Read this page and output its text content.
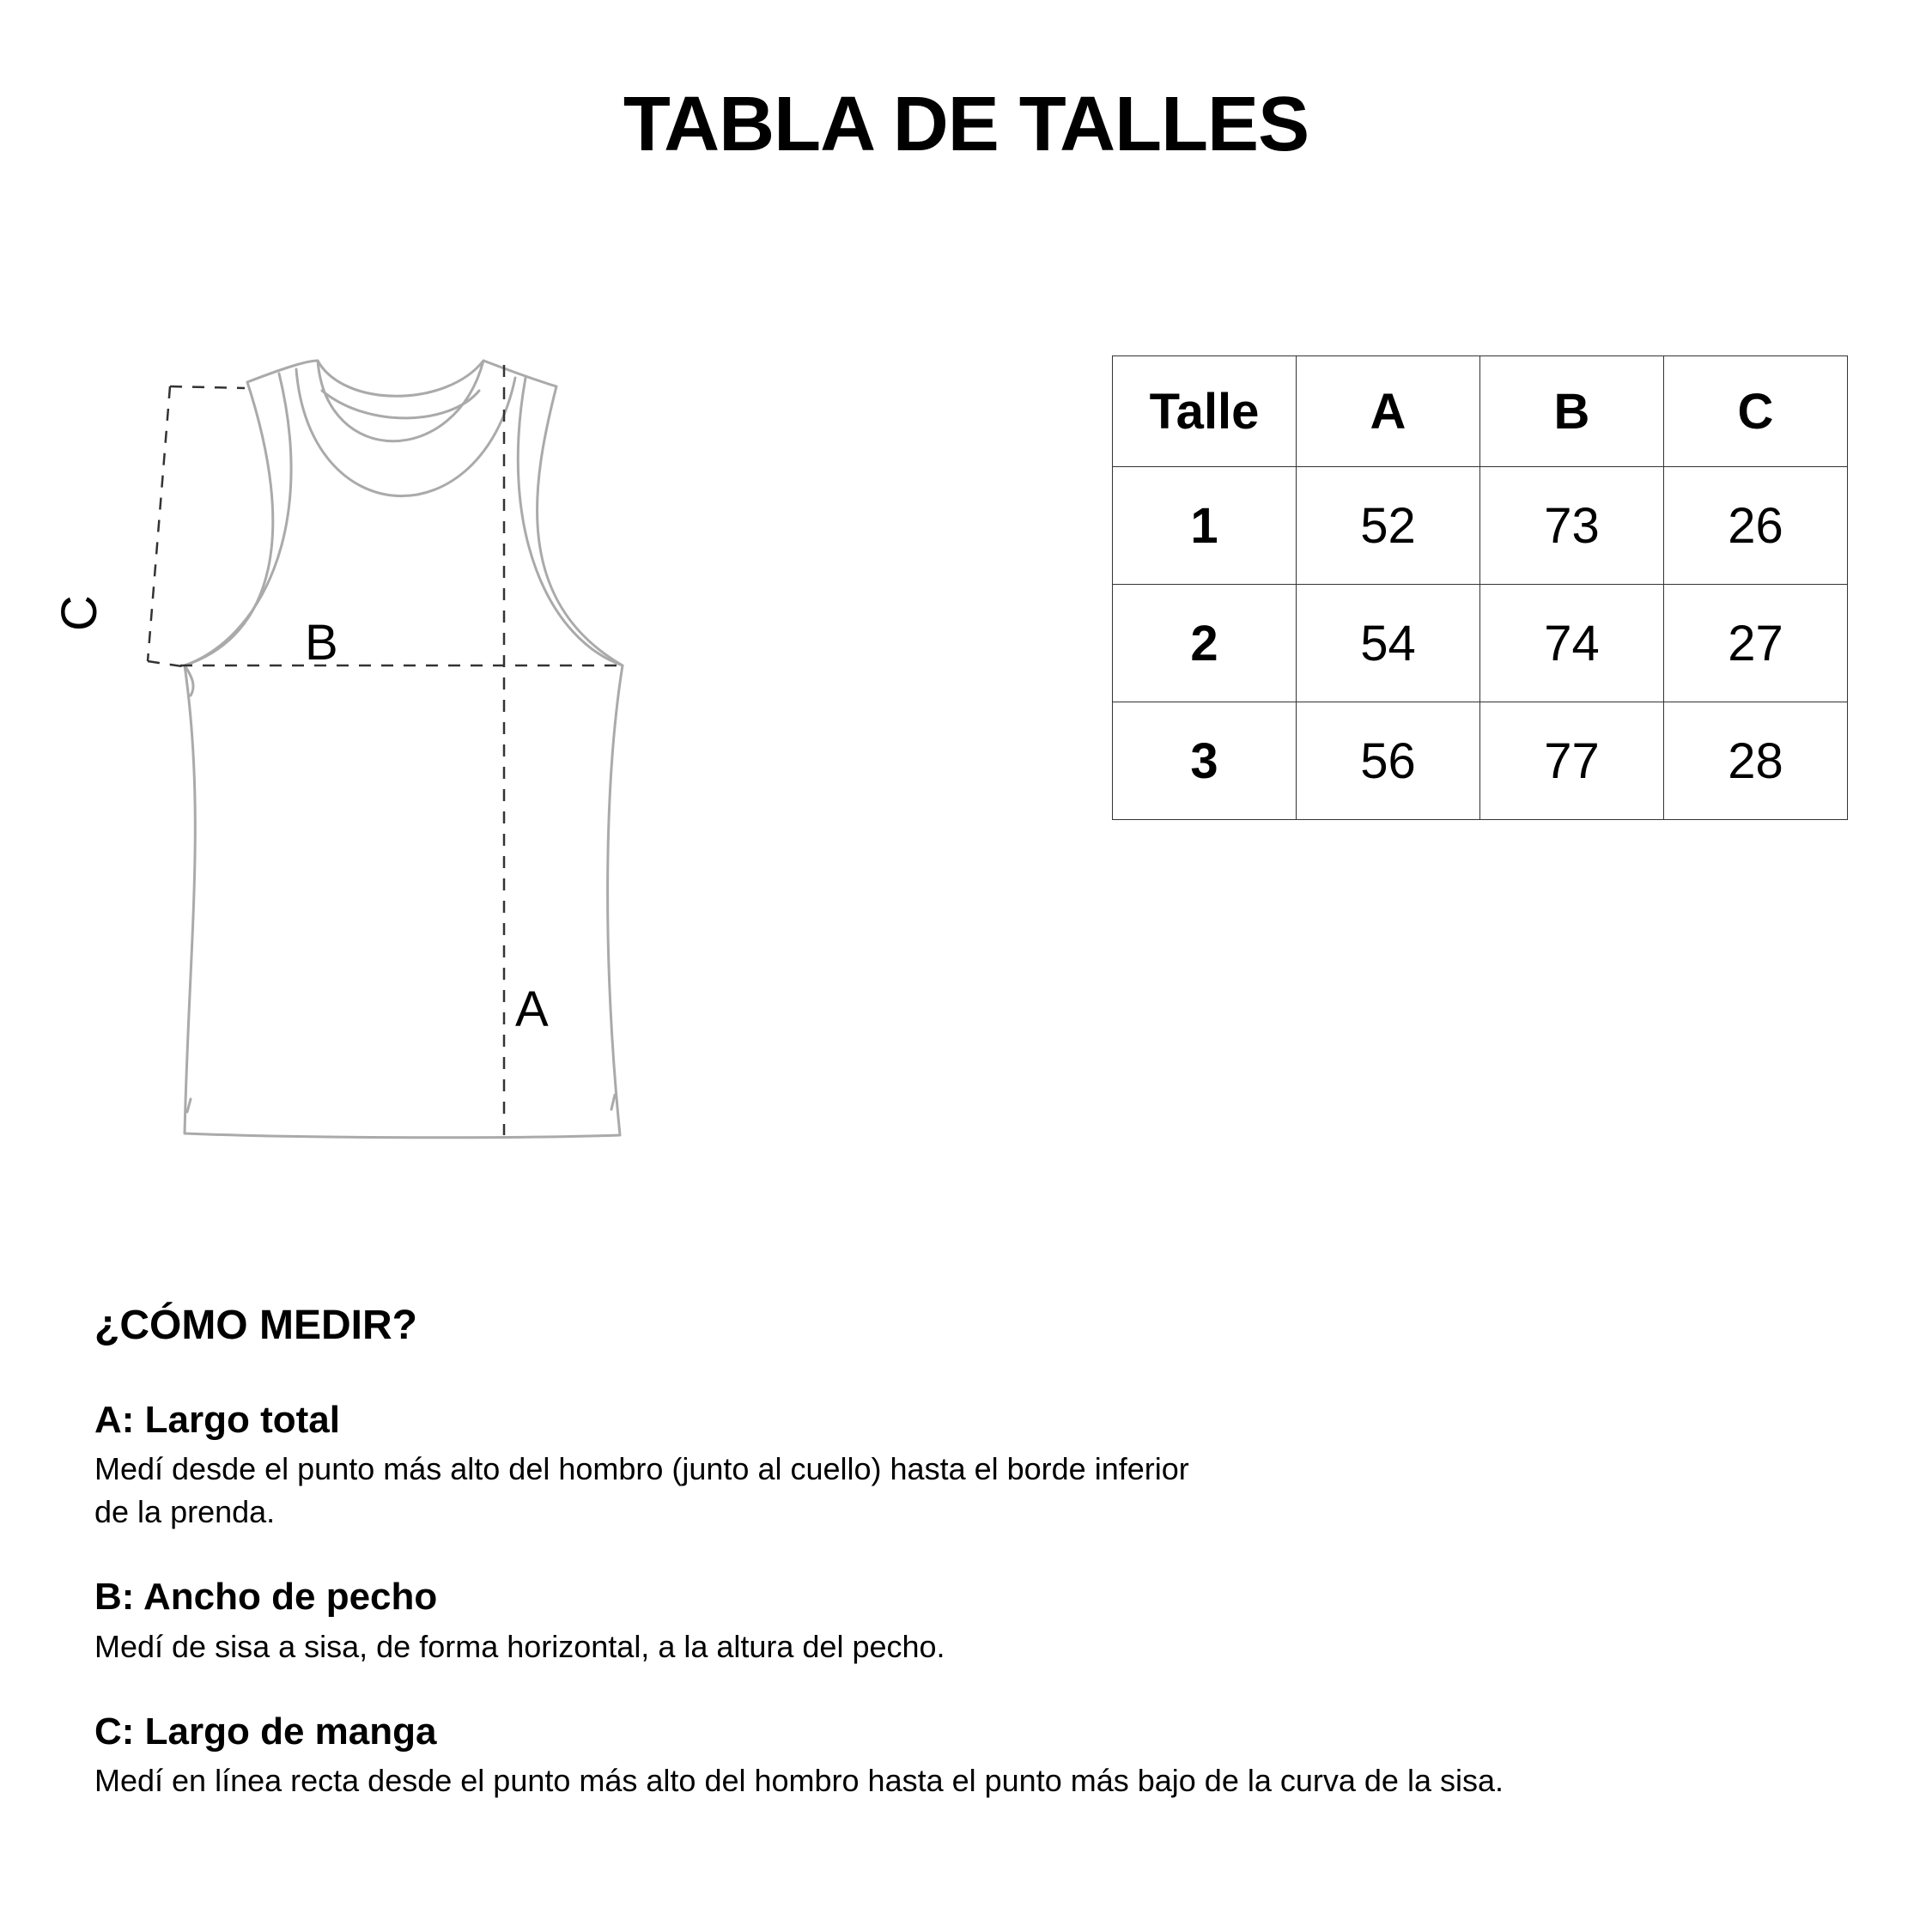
TABLA DE TALLES
B
A
C
Talle	A	B	C
1	52	73	26
2	54	74	27
3	56	77	28
¿CÓMO MEDIR?
A: Largo total

Medí desde el punto más alto del hombro (junto al cuello) hasta el borde inferior de la prenda.

B: Ancho de pecho

Medí de sisa a sisa, de forma horizontal, a la altura del pecho.

C: Largo de manga

Medí en línea recta desde el punto más alto del hombro hasta el punto más bajo de la curva de la sisa.
